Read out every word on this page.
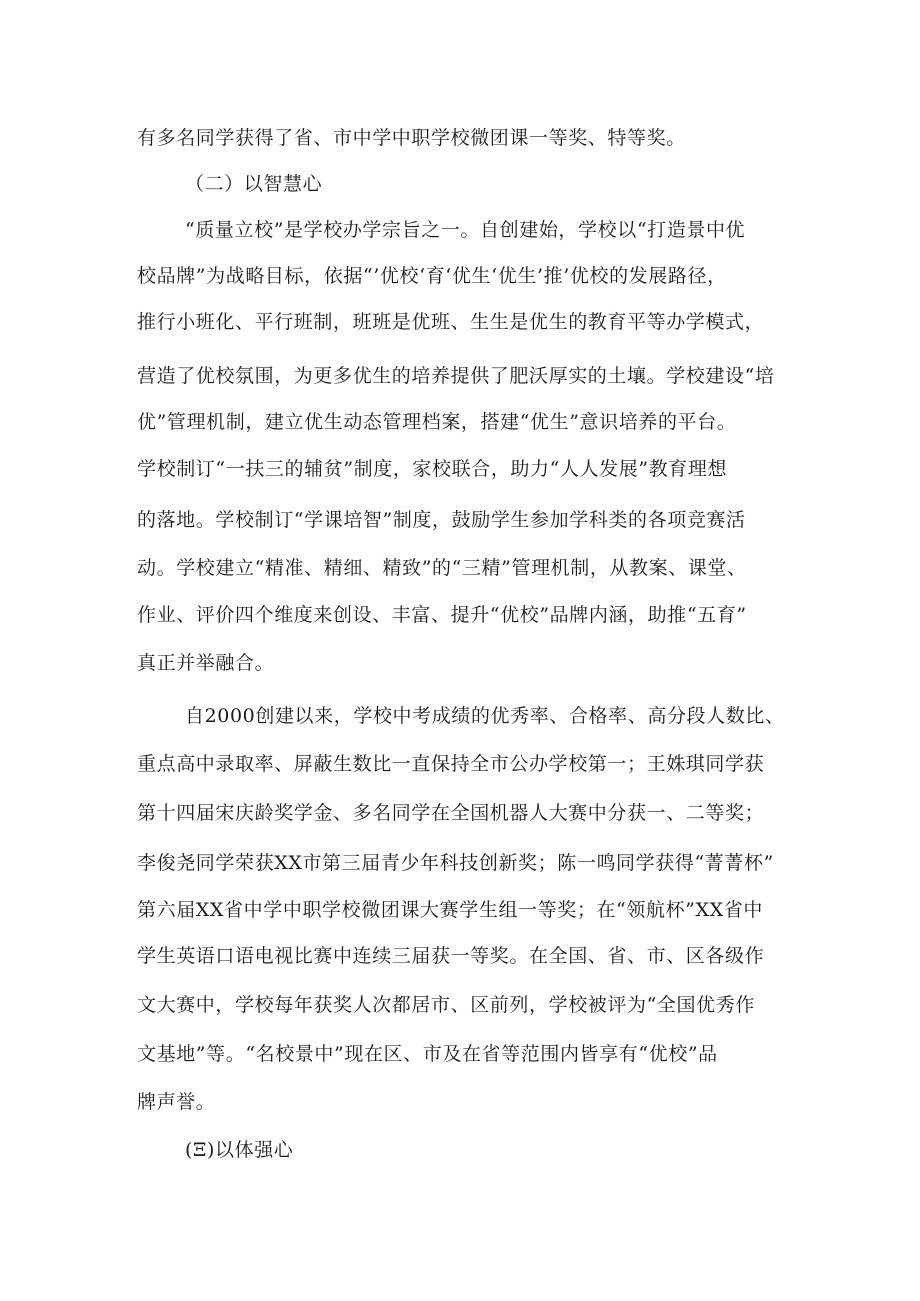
有多名同学获得了省、市中学中职学校微团课一等奖、特等奖。
（二）以智慧心
“质量立校”是学校办学宗旨之一。自创建始，学校以“打造景中优
校品牌”为战略目标，依据“’优校‘育‘优生‘优生’推’优校的发展路径，
推行小班化、平行班制，班班是优班、生生是优生的教育平等办学模式，
营造了优校氛围，为更多优生的培养提供了肥沃厚实的土壤。学校建设“培
优”管理机制，建立优生动态管理档案，搭建“优生”意识培养的平台。
学校制订“一扶三的辅贫”制度，家校联合，助力“人人发展”教育理想
的落地。学校制订“学课培智”制度，鼓励学生参加学科类的各项竞赛活
动。学校建立“精准、精细、精致”的“三精”管理机制，从教案、课堂、
作业、评价四个维度来创设、丰富、提升“优校”品牌内涵，助推“五育”
真正并举融合。
自2000创建以来，学校中考成绩的优秀率、合格率、高分段人数比、
重点高中录取率、屏蔽生数比一直保持全市公办学校第一；王姝琪同学获
第十四届宋庆龄奖学金、多名同学在全国机器人大赛中分获一、二等奖；
李俊尧同学荣获XX市第三届青少年科技创新奖；陈一鸣同学获得“菁菁杯”
第六届XX省中学中职学校微团课大赛学生组一等奖；在“领航杯”XX省中
学生英语口语电视比赛中连续三届获一等奖。在全国、省、市、区各级作
文大赛中，学校每年获奖人次都居市、区前列，学校被评为“全国优秀作
文基地”等。“名校景中”现在区、市及在省等范围内皆享有“优校”品
牌声誉。
(Ξ)以体强心
